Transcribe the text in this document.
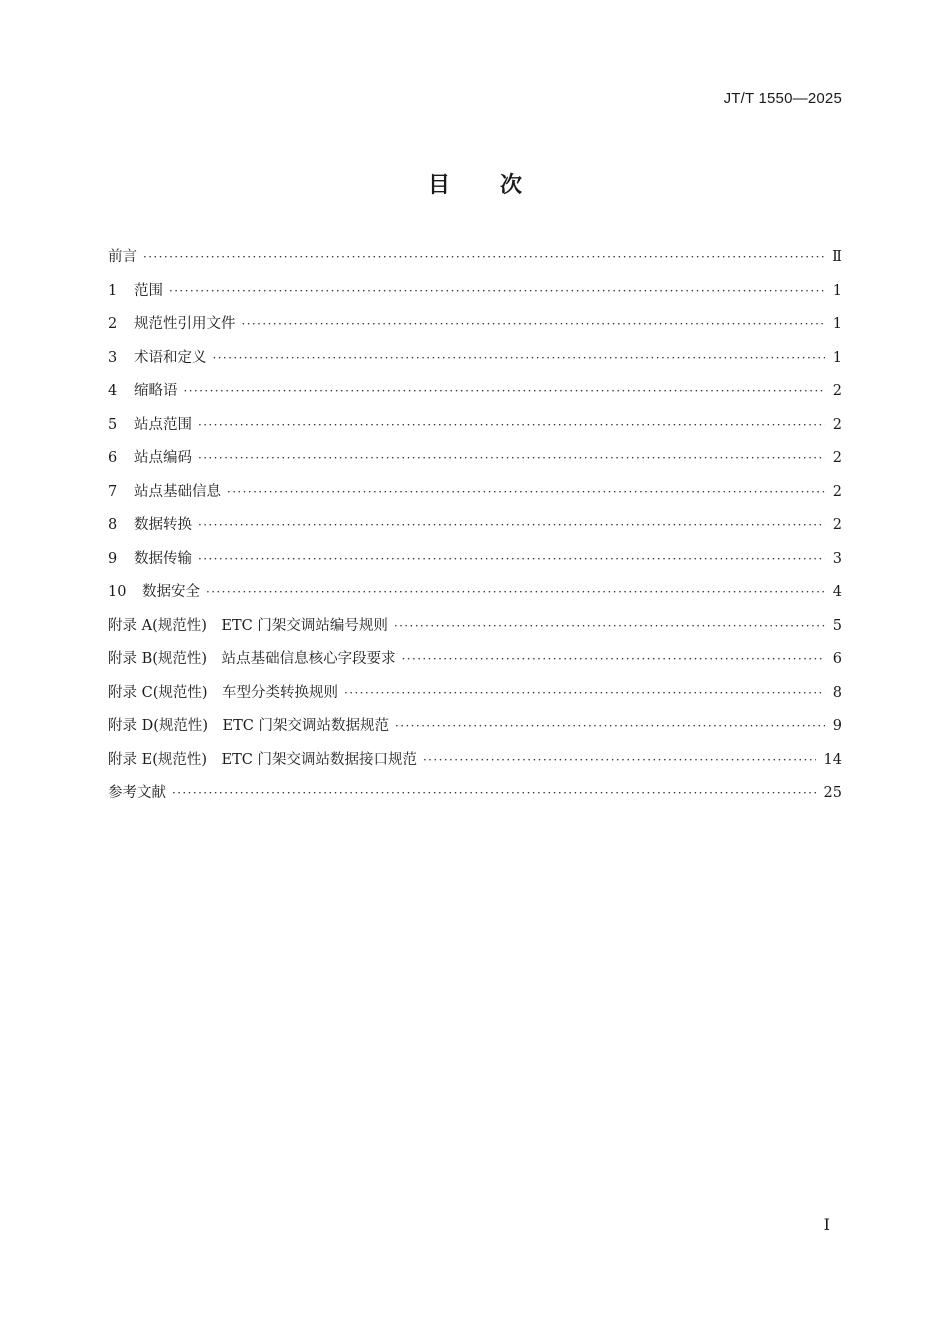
JT/T 1550—2025
目次
前言 ·····	Ⅱ
1 范围 ·····	1
2 规范性引用文件 ·····	1
3 术语和定义 ·····	1
4 缩略语 ·····	2
5 站点范围 ·····	2
6 站点编码 ·····	2
7 站点基础信息 ·····	2
8 数据转换 ·····	2
9 数据传输 ·····	3
10 数据安全 ·····	4
附录 A(规范性)　ETC 门架交调站编号规则 ·····	5
附录 B(规范性)　站点基础信息核心字段要求 ·····	6
附录 C(规范性)　车型分类转换规则 ·····	8
附录 D(规范性)　ETC 门架交调站数据规范 ·····	9
附录 E(规范性)　ETC 门架交调站数据接口规范 ·····	14
参考文献 ·····	25
Ⅰ
